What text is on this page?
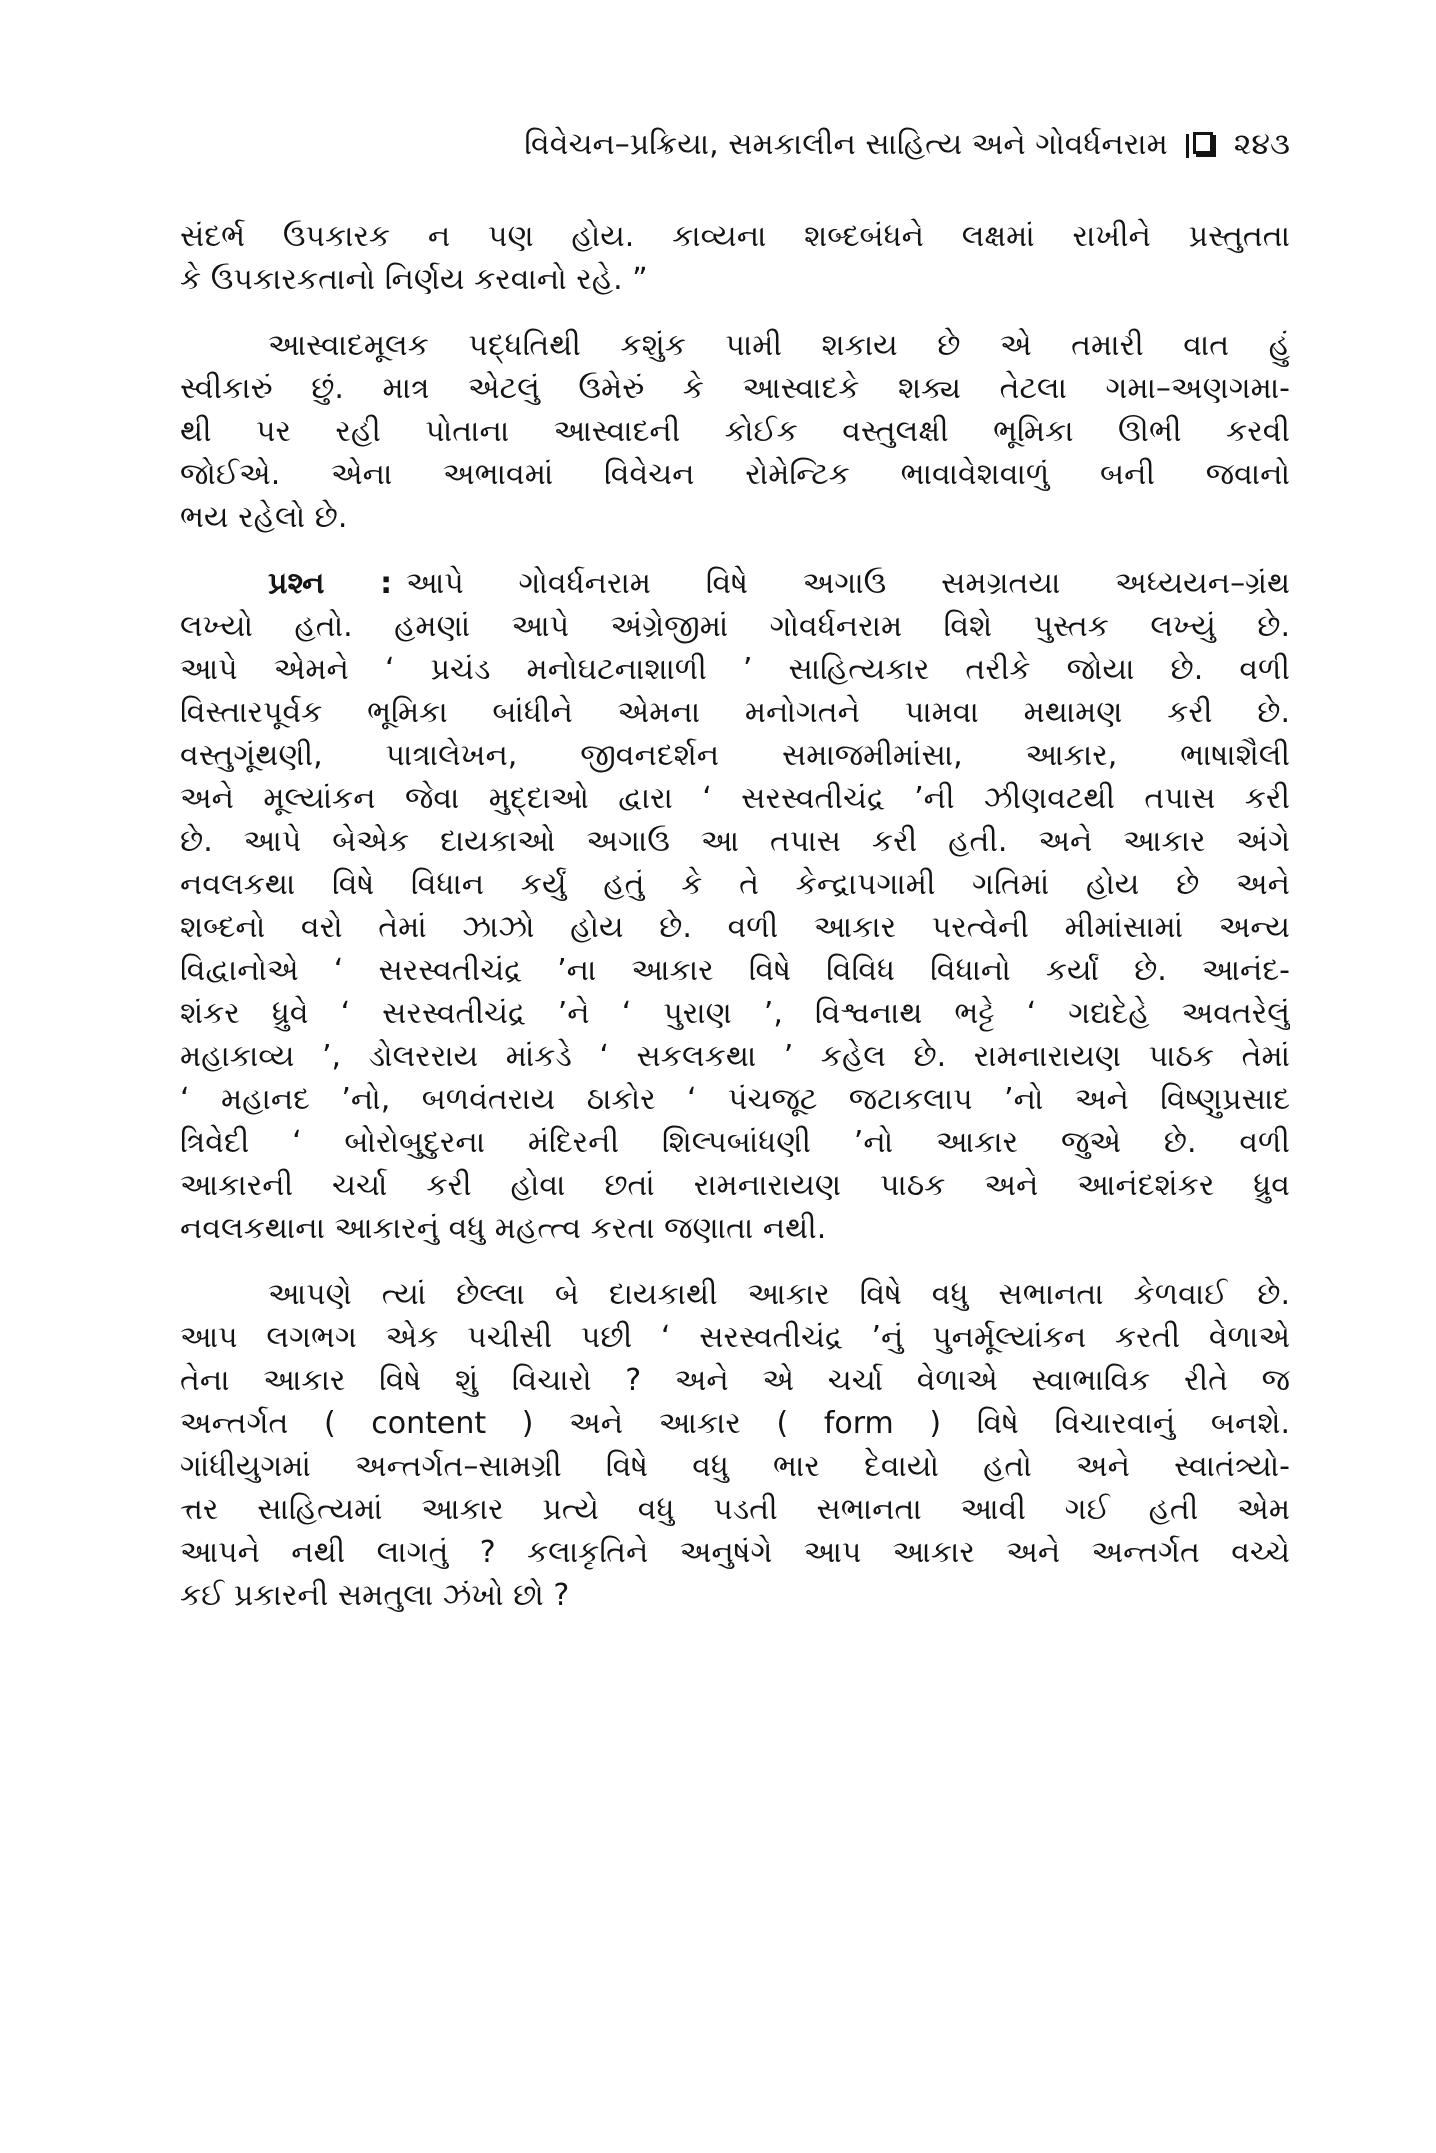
વિવેચન–પ્રક્રિયા, સમકાલીન સાહિત્ય અને ગોવર્ધનરામ ૨૪૩
સંદર્ભ ઉપકારક ન પણ હોય. કાવ્યના શબ્દબંધને લક્ષમાં રાખીને પ્રસ્તુતતા
કે ઉપકારકતાનો નિર્ણય કરવાનો રહે. ”
આસ્વાદમૂલક પદ્ધતિથી કશુંક પામી શકાય છે એ તમારી વાત હું
સ્વીકારું છું. માત્ર એટલું ઉમેરું કે આસ્વાદકે શક્ય તેટલા ગમા–અણગમા-
થી પર રહી પોતાના આસ્વાદની કોઈક વસ્તુલક્ષી ભૂમિકા ઊભી કરવી
જોઈએ. એના અભાવમાં વિવેચન રોમેન્ટિક ભાવાવેશવાળું બની જવાનો
ભય રહેલો છે.
પ્રશ્ન : આપે ગોવર્ધનરામ વિષે અગાઉ સમગ્રતયા અધ્યયન–ગ્રંથ
લખ્યો હતો. હમણાં આપે અંગ્રેજીમાં ગોવર્ધનરામ વિશે પુસ્તક લખ્યું છે.
આપે એમને ‘ પ્રચંડ મનોઘટનાશાળી ’ સાહિત્યકાર તરીકે જોયા છે. વળી
વિસ્તારપૂર્વક ભૂમિકા બાંધીને એમના મનોગતને પામવા મથામણ કરી છે.
વસ્તુગૂંથણી, પાત્રાલેખન, જીવનદર્શન સમાજમીમાંસા, આકાર, ભાષાશૈલી
અને મૂલ્યાંકન જેવા મુદ્દાઓ દ્વારા ‘ સરસ્વતીચંદ્ર ’ની ઝીણવટથી તપાસ કરી
છે. આપે બેએક દાયકાઓ અગાઉ આ તપાસ કરી હતી. અને આકાર અંગે
નવલકથા વિષે વિધાન કર્યું હતું કે તે કેન્દ્રાપગામી ગતિમાં હોય છે અને
શબ્દનો વરો તેમાં ઝાઝો હોય છે. વળી આકાર પરત્વેની મીમાંસામાં અન્ય
વિદ્વાનોએ ‘ સરસ્વતીચંદ્ર ’ના આકાર વિષે વિવિધ વિધાનો કર્યાં છે. આનંદ-
શંકર ધ્રુવે ‘ સરસ્વતીચંદ્ર ’ને ‘ પુરાણ ’, વિશ્વનાથ ભટ્ટે ‘ ગદ્યદેહે અવતરેલું
મહાકાવ્ય ’, ડોલરરાય માંકડે ‘ સકલકથા ’ કહેલ છે. રામનારાયણ પાઠક તેમાં
‘ મહાનદ ’નો, બળવંતરાય ઠાકોર ‘ પંચજૂટ જટાકલાપ ’નો અને વિષ્ણુપ્રસાદ
ત્રિવેદી ‘ બોરોબુદુરના મંદિરની શિલ્પબાંધણી ’નો આકાર જુએ છે. વળી
આકારની ચર્ચા કરી હોવા છતાં રામનારાયણ પાઠક અને આનંદશંકર ધ્રુવ
નવલકથાના આકારનું વધુ મહત્ત્વ કરતા જણાતા નથી.
આપણે ત્યાં છેલ્લા બે દાયકાથી આકાર વિષે વધુ સભાનતા કેળવાઈ છે.
આપ લગભગ એક પચીસી પછી ‘ સરસ્વતીચંદ્ર ’નું પુનર્મૂલ્યાંકન કરતી વેળાએ
તેના આકાર વિષે શું વિચારો ? અને એ ચર્ચા વેળાએ સ્વાભાવિક રીતે જ
અન્તર્ગત ( content ) અને આકાર ( form ) વિષે વિચારવાનું બનશે.
ગાંધીયુગમાં અન્તર્ગત–સામગ્રી વિષે વધુ ભાર દેવાયો હતો અને સ્વાતંત્ર્યો-
ત્તર સાહિત્યમાં આકાર પ્રત્યે વધુ પડતી સભાનતા આવી ગઈ હતી એમ
આપને નથી લાગતું ? કલાકૃતિને અનુષંગે આપ આકાર અને અન્તર્ગત વચ્ચે
કઈ પ્રકારની સમતુલા ઝંખો છો ?
